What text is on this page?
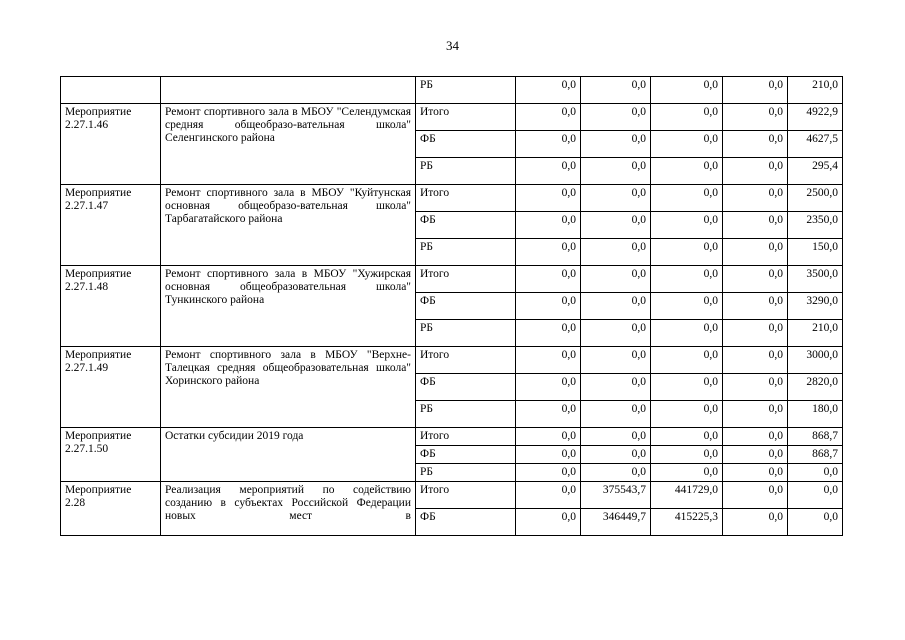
34
		РБ	0,0	0,0	0,0	0,0	210,0
Мероприятие
2.27.1.46	Ремонт спортивного зала в МБОУ "Селендумская средняя общеобразо-вательная школа" Селенгинского района	Итого	0,0	0,0	0,0	0,0	4922,9
		ФБ	0,0	0,0	0,0	0,0	4627,5
		РБ	0,0	0,0	0,0	0,0	295,4
Мероприятие
2.27.1.47	Ремонт спортивного зала в МБОУ "Куйтунская основная общеобразо-вательная школа" Тарбагатайского района	Итого	0,0	0,0	0,0	0,0	2500,0
		ФБ	0,0	0,0	0,0	0,0	2350,0
		РБ	0,0	0,0	0,0	0,0	150,0
Мероприятие
2.27.1.48	Ремонт спортивного зала в МБОУ "Хужирская основная общеобразовательная школа" Тункинского района	Итого	0,0	0,0	0,0	0,0	3500,0
		ФБ	0,0	0,0	0,0	0,0	3290,0
		РБ	0,0	0,0	0,0	0,0	210,0
Мероприятие
2.27.1.49	Ремонт спортивного зала в МБОУ "Верхне-Талецкая средняя общеобразовательная школа" Хоринского района	Итого	0,0	0,0	0,0	0,0	3000,0
		ФБ	0,0	0,0	0,0	0,0	2820,0
		РБ	0,0	0,0	0,0	0,0	180,0
Мероприятие
2.27.1.50	Остатки субсидии 2019 года	Итого	0,0	0,0	0,0	0,0	868,7
		ФБ	0,0	0,0	0,0	0,0	868,7
		РБ	0,0	0,0	0,0	0,0	0,0
Мероприятие
2.28	Реализация мероприятий по содействию созданию в субъектах Российской Федерации новых мест в	Итого	0,0	375543,7	441729,0	0,0	0,0
		ФБ	0,0	346449,7	415225,3	0,0	0,0
